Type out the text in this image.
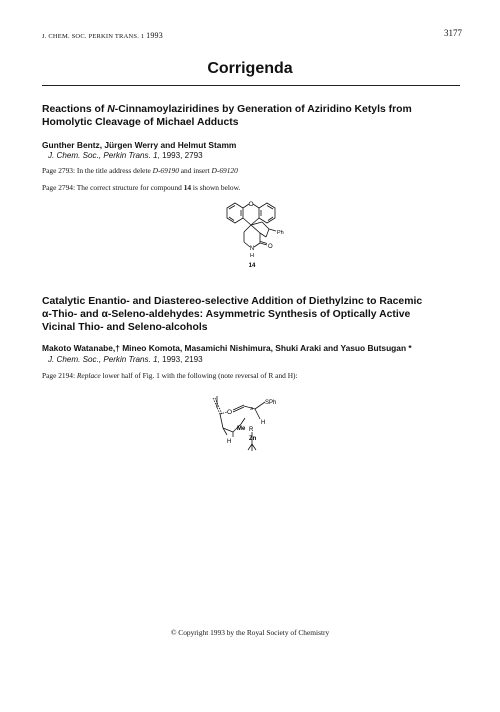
J. CHEM. SOC. PERKIN TRANS. 1 1993	3177
Corrigenda
Reactions of N-Cinnamoylaziridines by Generation of Aziridino Ketyls from
Homolytic Cleavage of Michael Adducts
Gunther Bentz, Jürgen Werry and Helmut Stamm
J. Chem. Soc., Perkin Trans. 1, 1993, 2793
Page 2793: In the title address delete D-69190 and insert D-69120
Page 2794: The correct structure for compound 14 is shown below.
O
Ph
O
N
H
14
Catalytic Enantio- and Diastereo-selective Addition of Diethylzinc to Racemic
α-Thio- and α-Seleno-aldehydes: Asymmetric Synthesis of Optically Active
Vicinal Thio- and Seleno-alcohols
Makoto Watanabe,† Mineo Komota, Masamichi Nishimura, Shuki Araki and Yasuo Butsugan *
J. Chem. Soc., Perkin Trans. 1, 1993, 2193
Page 2194: Replace lower half of Fig. 1 with the following (note reversal of R and H):
O
S
SPh
H
H
Me R
Zn
© Copyright 1993 by the Royal Society of Chemistry
